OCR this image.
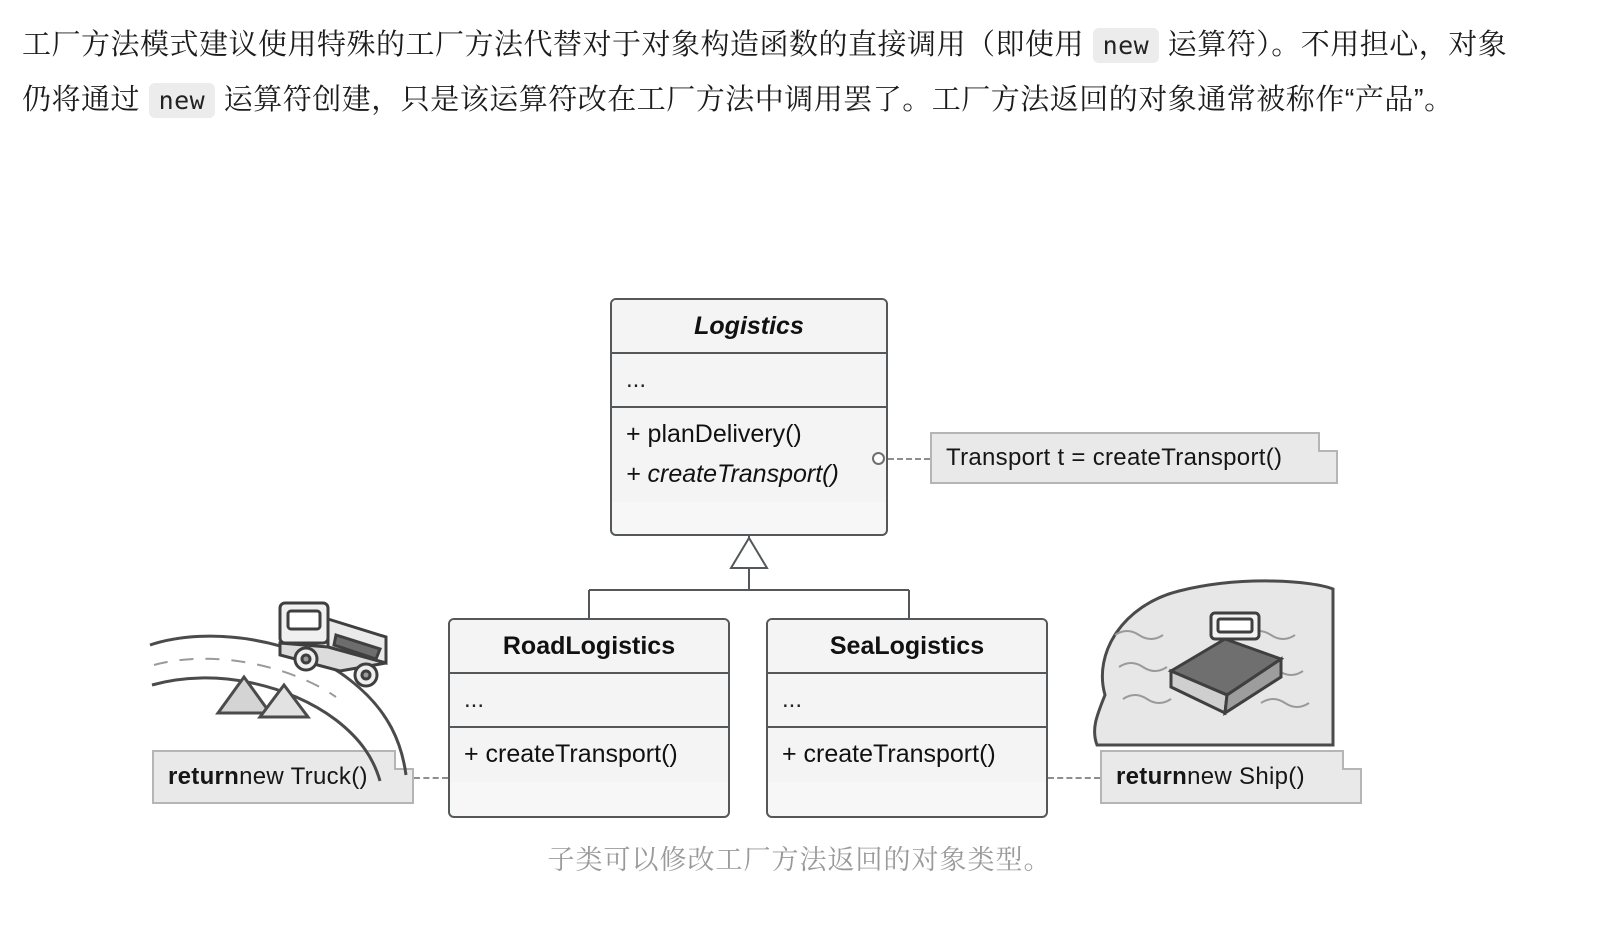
工厂方法模式建议使用特殊的工厂方法代替对于对象构造函数的直接调用（即使用 new 运算符）。不用担心，对象仍将通过 new 运算符创建，只是该运算符改在工厂方法中调用罢了。工厂方法返回的对象通常被称作“产品”。
Logistics
...
+ planDelivery()
+ createTransport()
Transport t = createTransport()
RoadLogistics
...
+ createTransport()
SeaLogistics
...
+ createTransport()
return new Truck()	return new Ship()
子类可以修改工厂方法返回的对象类型。
